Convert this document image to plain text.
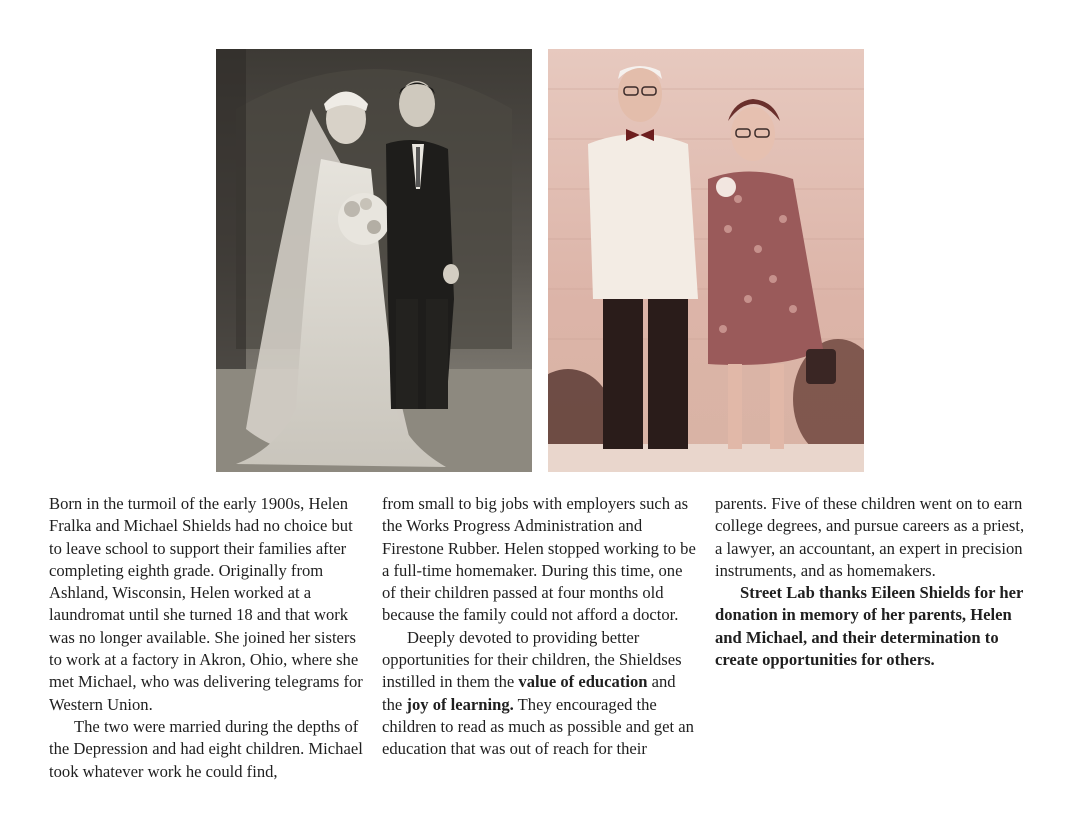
Born in the turmoil of the early 1900s, Helen Fralka and Michael Shields had no choice but to leave school to support their families after completing eighth grade. Originally from Ashland, Wisconsin, Helen worked at a laundromat until she turned 18 and that work was no longer available. She joined her sisters to work at a factory in Akron, Ohio, where she met Michael, who was delivering telegrams for Western Union.

The two were married during the depths of the Depression and had eight children. Michael took whatever work he could find,

from small to big jobs with employers such as the Works Progress Administration and Firestone Rubber. Helen stopped working to be a full-time homemaker. During this time, one of their children passed at four months old because the family could not afford a doctor.

Deeply devoted to providing better opportunities for their children, the Shieldses instilled in them the value of education and the joy of learning. They encouraged the children to read as much as possible and get an education that was out of reach for their

parents. Five of these children went on to earn college degrees, and pursue careers as a priest, a lawyer, an accountant, an expert in precision instruments, and as homemakers.

Street Lab thanks Eileen Shields for her donation in memory of her parents, Helen and Michael, and their determination to create opportunities for others.
